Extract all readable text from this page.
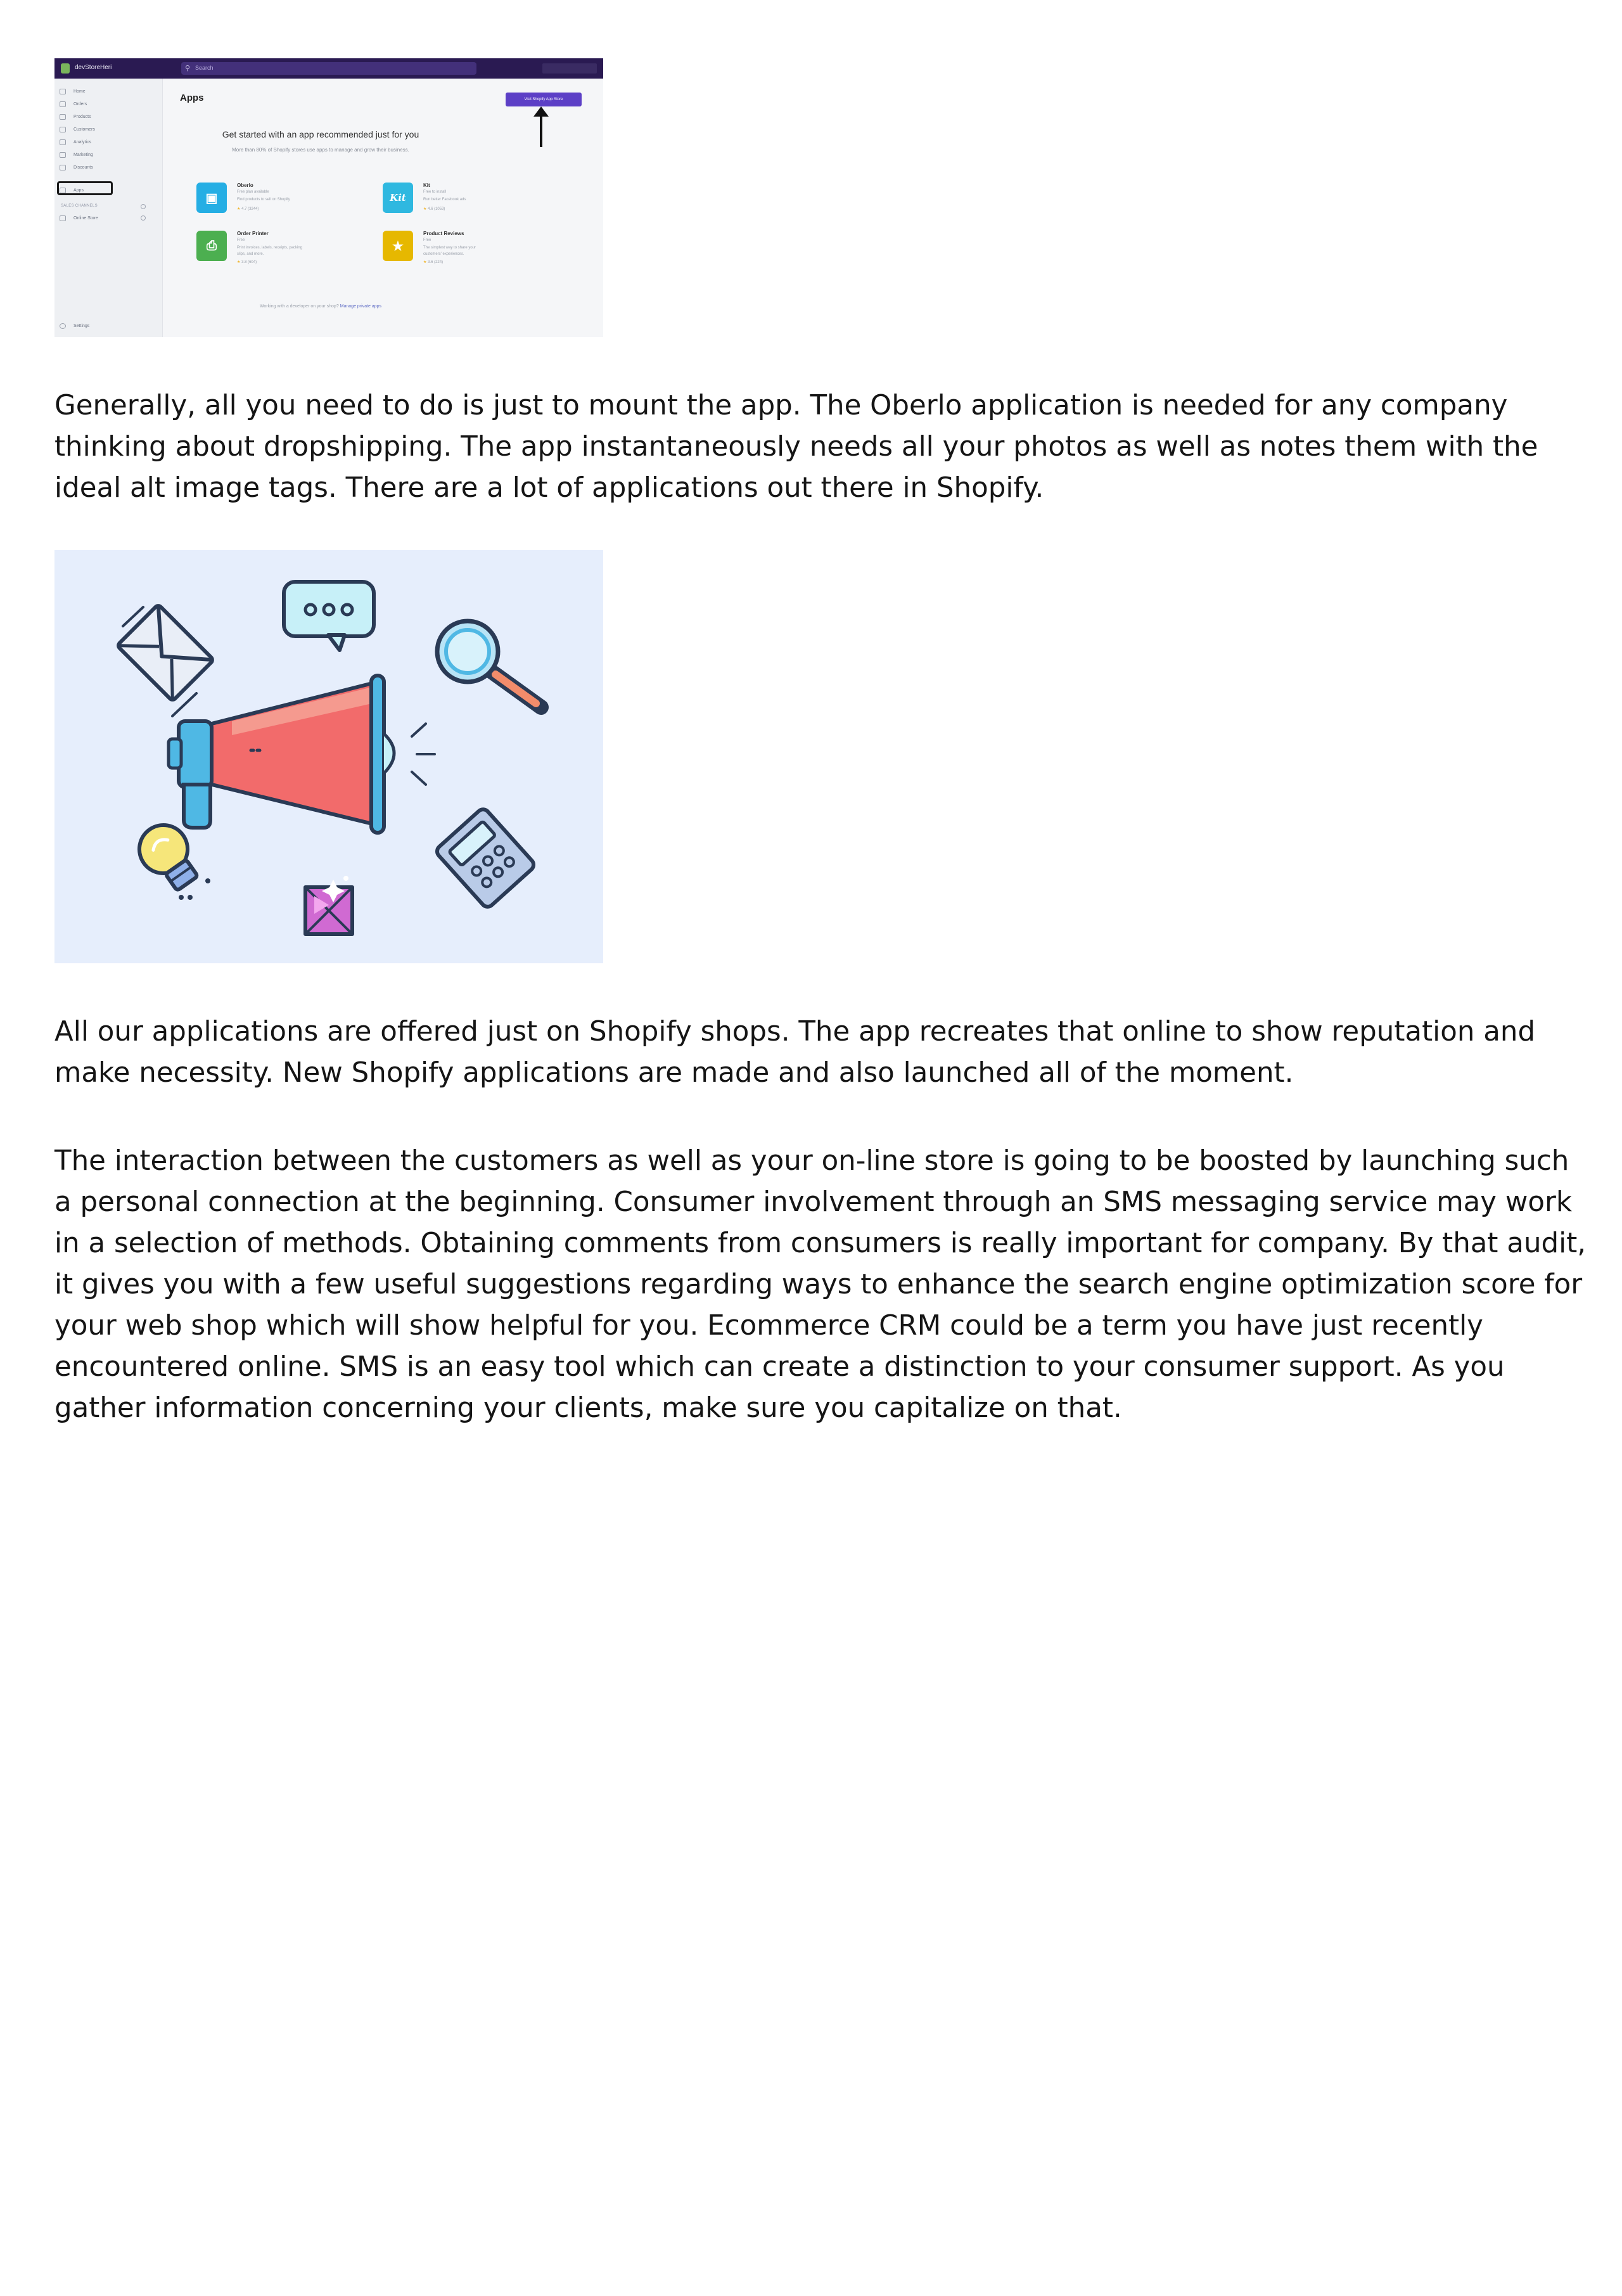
devStoreHeri	⚲ Search
Home
Orders
Products
Customers
Analytics
Marketing
Discounts
Apps
SALES CHANNELS
Online Store
Settings
Apps	Visit Shopify App Store
Get started with an app recommended just for you
More than 80% of Shopify stores use apps to manage and grow their business.
▣
Oberlo
Free plan available
Find products to sell on Shopify
★ 4.7 (3244)
Kit
Kit
Free to install
Run better Facebook ads
★ 4.6 (1053)
⎙
Order Printer
Free
Print invoices, labels, receipts, packing
slips, and more.
★ 3.8 (604)
★
Product Reviews
Free
The simplest way to share your
customers' experiences.
★ 3.6 (224)
Working with a developer on your shop? Manage private apps

Generally, all you need to do is just to mount the app. The Oberlo application is needed for any company thinking about dropshipping. The app instantaneously needs all your photos as well as notes them with the ideal alt image tags. There are a lot of applications out there in Shopify.

All our applications are offered just on Shopify shops. The app recreates that online to show reputation and make necessity. New Shopify applications are made and also launched all of the moment.

The interaction between the customers as well as your on-line store is going to be boosted by launching such a personal connection at the beginning. Consumer involvement through an SMS messaging service may work in a selection of methods. Obtaining comments from consumers is really important for company. By that audit, it gives you with a few useful suggestions regarding ways to enhance the search engine optimization score for your web shop which will show helpful for you. Ecommerce CRM could be a term you have just recently encountered online. SMS is an easy tool which can create a distinction to your consumer support. As you gather information concerning your clients, make sure you capitalize on that.
